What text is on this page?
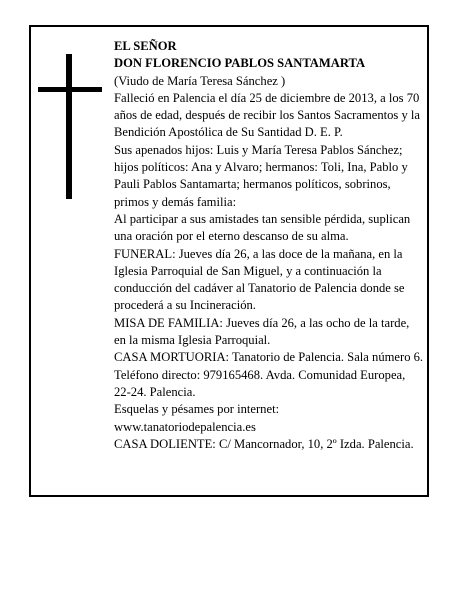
EL SEÑOR

DON FLORENCIO PABLOS SANTAMARTA

(Viudo de María Teresa Sánchez )

Falleció en Palencia el día 25 de diciembre de 2013, a los 70 años de edad, después de recibir los Santos Sacramentos y la Bendición Apostólica de Su Santidad D. E. P.

Sus apenados hijos: Luis y María Teresa Pablos Sánchez; hijos políticos: Ana y Alvaro; hermanos: Toli, Ina, Pablo y Pauli Pablos Santamarta; hermanos políticos, sobrinos, primos y demás familia:

Al participar a sus amistades tan sensible pérdida, suplican una oración por el eterno descanso de su alma.

FUNERAL: Jueves día 26, a las doce de la mañana, en la Iglesia Parroquial de San Miguel, y a continuación la conducción del cadáver al Tanatorio de Palencia donde se procederá a su Incineración.

MISA DE FAMILIA: Jueves día 26, a las ocho de la tarde, en la misma Iglesia Parroquial.

CASA MORTUORIA: Tanatorio de Palencia. Sala número 6. Teléfono directo: 979165468. Avda. Comunidad Europea, 22-24. Palencia.

Esquelas y pésames por internet: www.tanatoriodepalencia.es

CASA DOLIENTE: C/ Mancornador, 10, 2º Izda. Palencia.
